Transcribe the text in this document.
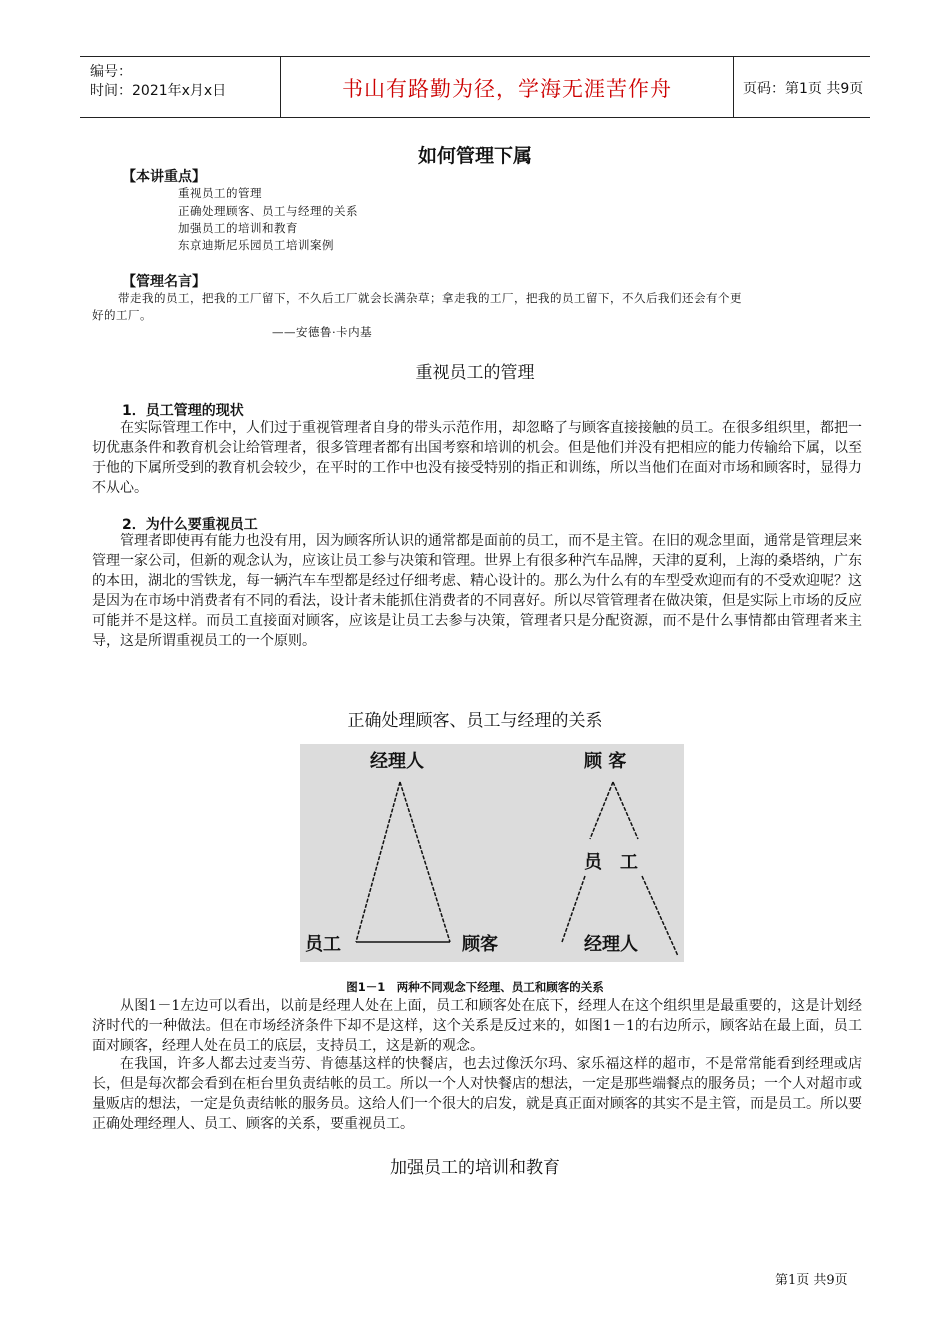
编号：
时间：2021年x月x日	书山有路勤为径，学海无涯苦作舟	页码：第1页 共9页
如何管理下属
【本讲重点】
重视员工的管理
正确处理顾客、员工与经理的关系
加强员工的培训和教育
东京迪斯尼乐园员工培训案例
【管理名言】
带走我的员工，把我的工厂留下，不久后工厂就会长满杂草；拿走我的工厂，把我的员工留下，不久后我们还会有个更
好的工厂。
——安德鲁·卡内基
重视员工的管理
1．员工管理的现状
在实际管理工作中，人们过于重视管理者自身的带头示范作用，却忽略了与顾客直接接触的员工。在很多组织里，都把一切优惠条件和教育机会让给管理者，很多管理者都有出国考察和培训的机会。但是他们并没有把相应的能力传输给下属，以至于他的下属所受到的教育机会较少，在平时的工作中也没有接受特别的指正和训练，所以当他们在面对市场和顾客时，显得力不从心。
2．为什么要重视员工
管理者即使再有能力也没有用，因为顾客所认识的通常都是面前的员工，而不是主管。在旧的观念里面，通常是管理层来管理一家公司，但新的观念认为，应该让员工参与决策和管理。世界上有很多种汽车品牌，天津的夏利，上海的桑塔纳，广东的本田，湖北的雪铁龙，每一辆汽车车型都是经过仔细考虑、精心设计的。那么为什么有的车型受欢迎而有的不受欢迎呢？这是因为在市场中消费者有不同的看法，设计者未能抓住消费者的不同喜好。所以尽管管理者在做决策，但是实际上市场的反应可能并不是这样。而员工直接面对顾客，应该是让员工去参与决策，管理者只是分配资源，而不是什么事情都由管理者来主导，这是所谓重视员工的一个原则。
正确处理顾客、员工与经理的关系
经理人
员工	顾客
顾 客
员　工
经理人
图1－1　两种不同观念下经理、员工和顾客的关系
从图1－1左边可以看出，以前是经理人处在上面，员工和顾客处在底下，经理人在这个组织里是最重要的，这是计划经济时代的一种做法。但在市场经济条件下却不是这样，这个关系是反过来的，如图1－1的右边所示，顾客站在最上面，员工面对顾客，经理人处在员工的底层，支持员工，这是新的观念。
在我国，许多人都去过麦当劳、肯德基这样的快餐店，也去过像沃尔玛、家乐福这样的超市，不是常常能看到经理或店长，但是每次都会看到在柜台里负责结帐的员工。所以一个人对快餐店的想法，一定是那些端餐点的服务员；一个人对超市或量贩店的想法，一定是负责结帐的服务员。这给人们一个很大的启发，就是真正面对顾客的其实不是主管，而是员工。所以要正确处理经理人、员工、顾客的关系，要重视员工。
加强员工的培训和教育
第1页 共9页
